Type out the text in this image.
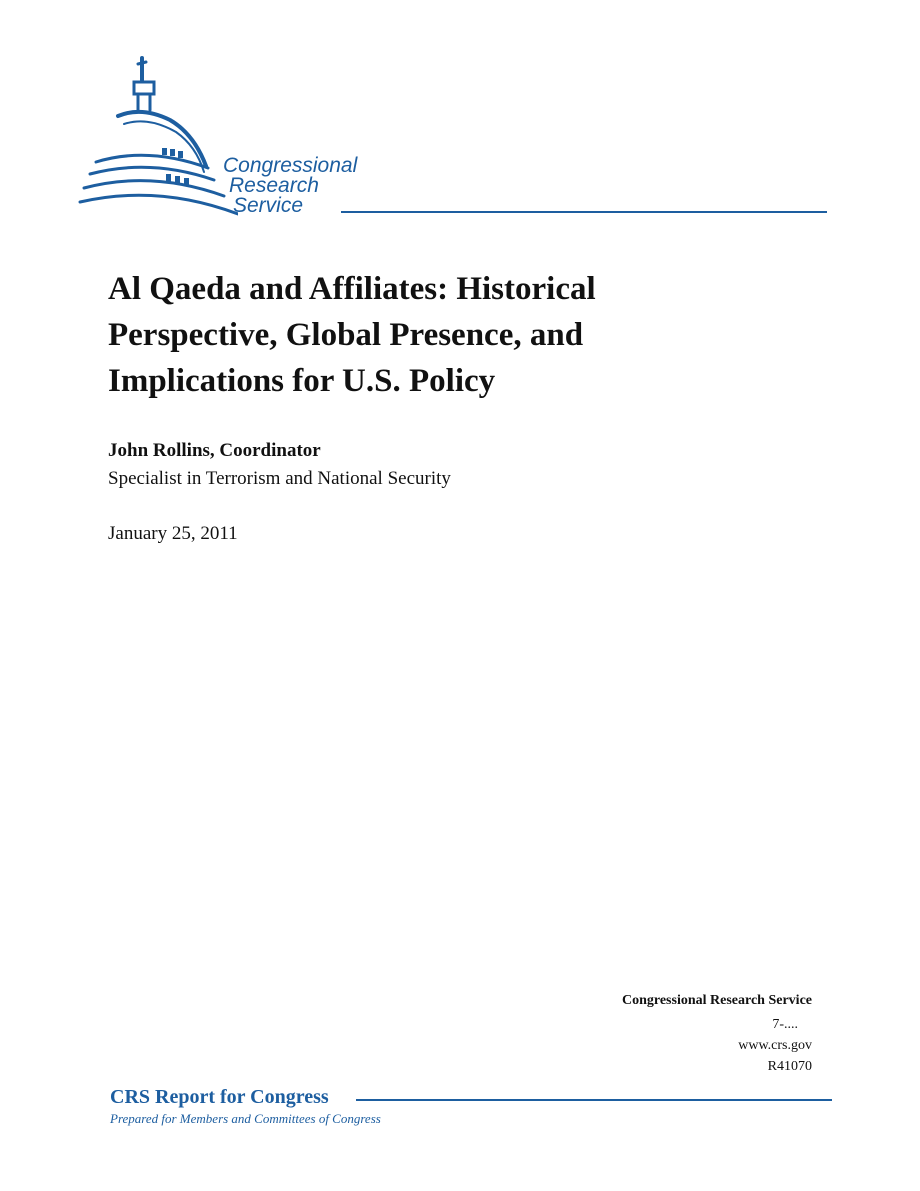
Congressional
Research
Service
Al Qaeda and Affiliates: Historical Perspective, Global Presence, and Implications for U.S. Policy
John Rollins, Coordinator
Specialist in Terrorism and National Security
January 25, 2011
Congressional Research Service
7-....
www.crs.gov
R41070
CRS Report for Congress
Prepared for Members and Committees of Congress
